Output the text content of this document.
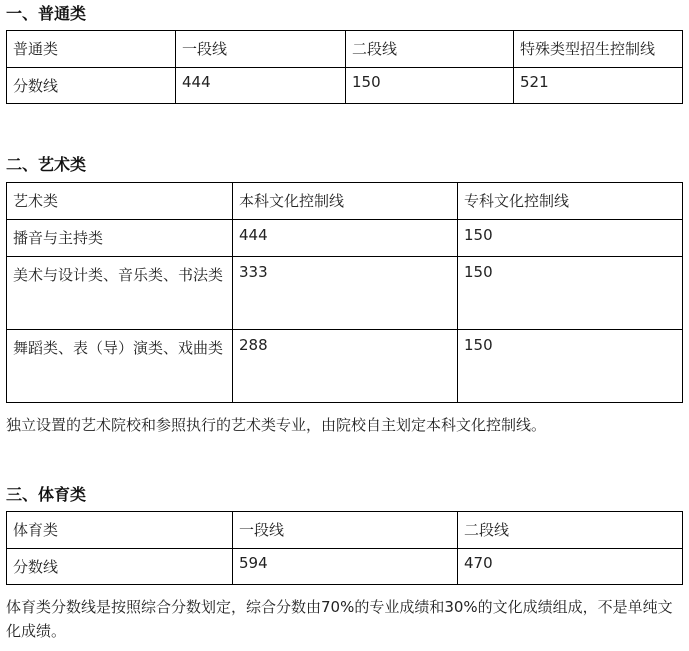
一、普通类
普通类	一段线	二段线	特殊类型招生控制线
分数线	444	150	521
二、艺术类
艺术类	本科文化控制线	专科文化控制线
播音与主持类	444	150
美术与设计类、音乐类、书法类	333	150
舞蹈类、表（导）演类、戏曲类	288	150
独立设置的艺术院校和参照执行的艺术类专业，由院校自主划定本科文化控制线。
三、体育类
体育类	一段线	二段线
分数线	594	470
体育类分数线是按照综合分数划定，综合分数由70%的专业成绩和30%的文化成绩组成，不是单纯文化成绩。
